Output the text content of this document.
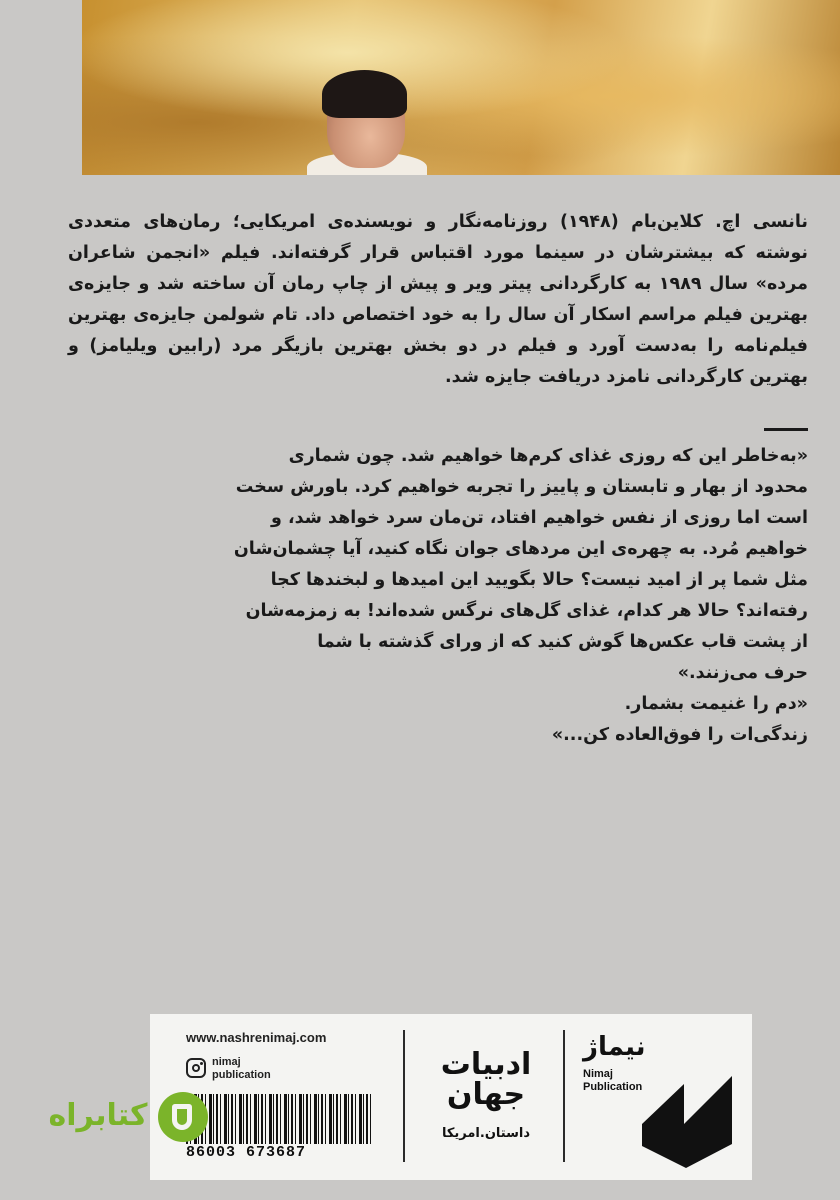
نانسی اچ. کلاین‌بام (۱۹۴۸) روزنامه‌نگار و نویسنده‌ی امریکایی؛ رمان‌های متعددی نوشته که بیشترشان در سینما مورد اقتباس قرار گرفته‌اند. فیلم «انجمن شاعران مرده» سال ۱۹۸۹ به کارگردانی پیتر ویر و پیش از چاپ رمان آن ساخته شد و جایزه‌ی بهترین فیلم مراسم اسکار آن سال را به خود اختصاص داد. تام شولمن جایزه‌ی بهترین فیلم‌نامه را به‌دست آورد و فیلم در دو بخش بهترین بازیگر مرد (رابین ویلیامز) و بهترین کارگردانی نامزد دریافت جایزه شد.

«به‌خاطر این که روزی غذای کرم‌ها خواهیم شد. چون شماری
محدود از بهار و تابستان و پاییز را تجربه خواهیم کرد. باورش سخت
است اما روزی از نفس خواهیم افتاد، تن‌مان سرد خواهد شد، و
خواهیم مُرد. به چهره‌ی این مردهای جوان نگاه کنید، آیا چشمان‌شان
مثل شما پر از امید نیست؟ حالا بگویید این امیدها و لبخندها کجا
رفته‌اند؟ حالا هر کدام، غذای گل‌های نرگس شده‌اند! به زمزمه‌شان
از پشت قاب عکس‌ها گوش کنید که از ورای گذشته با شما
حرف می‌زنند.»
«دم را غنیمت بشمار.
زندگی‌ات را فوق‌العاده کن...»
www.nashrenimaj.com
nimaj
publication
86003 673687
ادبیات
جهان
داستان.امریکا
نیماژ
Nimaj
Publication
کتابراه
